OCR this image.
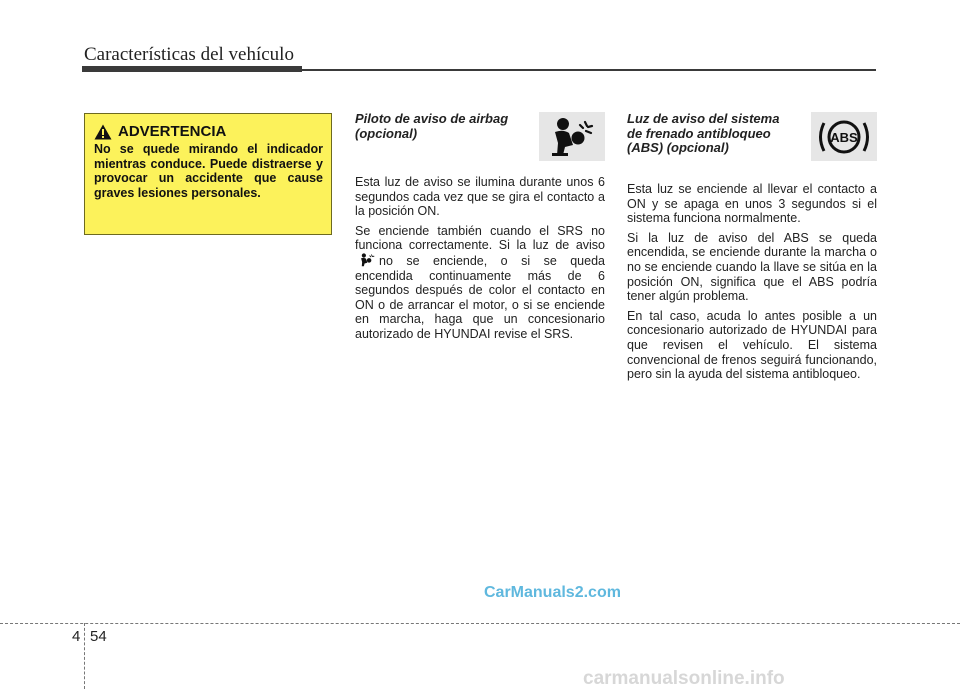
Características del vehículo
ADVERTENCIA

No se quede mirando el indicador mientras conduce. Puede distraerse y provocar un accidente que cause graves lesiones personales.

Piloto de aviso de airbag
(opcional)

Esta luz de aviso se ilumina durante unos 6 segundos cada vez que se gira el contacto a la posición ON.

Se enciende también cuando el SRS no funciona correctamente. Si la luz de avisono se enciende, o si se queda encendida continuamente más de 6 segundos después de color el contacto en ON o de arrancar el motor, o si se enciende en marcha, haga que un concesionario autorizado de HYUNDAI revise el SRS.

Luz de aviso del sistema
de frenado antibloqueo
(ABS) (opcional)
ABS

Esta luz se enciende al llevar el contacto a ON y se apaga en unos 3 segundos si el sistema funciona normalmente.

Si la luz de aviso del ABS se queda encendida, se enciende durante la marcha o no se enciende cuando la llave se sitúa en la posición ON, significa que el ABS podría tener algún problema.

En tal caso, acuda lo antes posible a un concesionario autorizado de HYUNDAI para que revisen el vehículo. El sistema convencional de frenos seguirá funcionando, pero sin la ayuda del sistema antibloqueo.

CarManuals2.com
4 54
carmanualsonline.info
